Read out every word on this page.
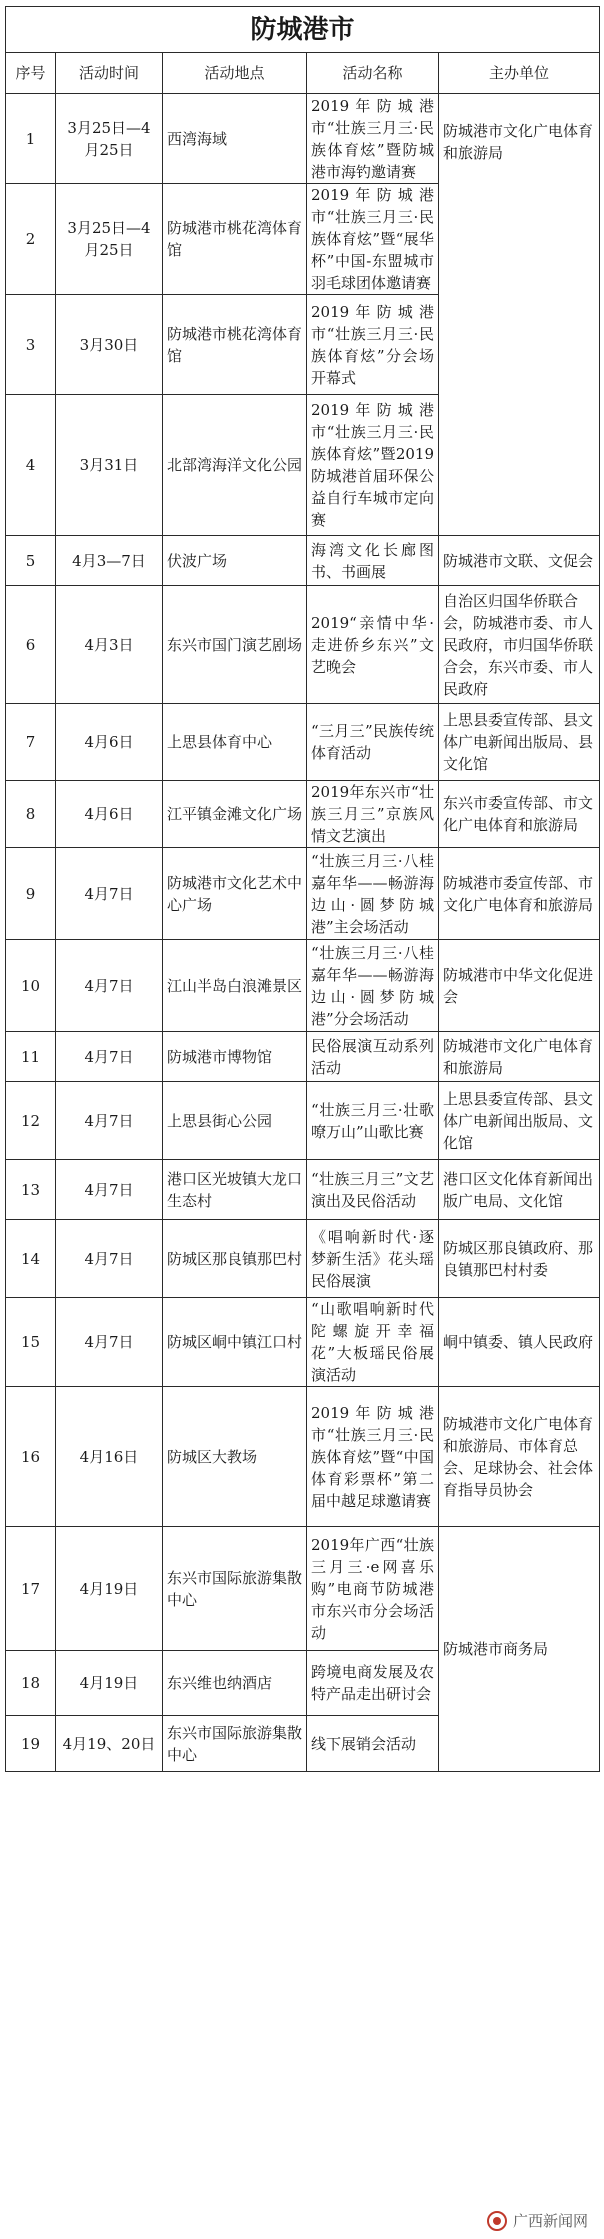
防城港市				
序号	活动时间	活动地点	活动名称	主办单位
1	3月25日—4月25日	西湾海域	2019年防城港市“壮族三月三·民族体育炫”暨防城港市海钓邀请赛	防城港市文化广电体育和旅游局
2	3月25日—4月25日	防城港市桃花湾体育馆	2019年防城港市“壮族三月三·民族体育炫”暨“展华杯”中国-东盟城市羽毛球团体邀请赛	
3	3月30日	防城港市桃花湾体育馆	2019年防城港市“壮族三月三·民族体育炫”分会场开幕式	
4	3月31日	北部湾海洋文化公园	2019年防城港市“壮族三月三·民族体育炫”暨2019防城港首届环保公益自行车城市定向赛	
5	4月3—7日	伏波广场	海湾文化长廊图书、书画展	防城港市文联、文促会
6	4月3日	东兴市国门演艺剧场	2019“亲情中华·走进侨乡东兴”文艺晚会	自治区归国华侨联合会，防城港市委、市人民政府，市归国华侨联合会，东兴市委、市人民政府
7	4月6日	上思县体育中心	“三月三”民族传统体育活动	上思县委宣传部、县文体广电新闻出版局、县文化馆
8	4月6日	江平镇金滩文化广场	2019年东兴市“壮族三月三”京族风情文艺演出	东兴市委宣传部、市文化广电体育和旅游局
9	4月7日	防城港市文化艺术中心广场	“壮族三月三·八桂嘉年华——畅游海边山·圆梦防城港”主会场活动	防城港市委宣传部、市文化广电体育和旅游局
10	4月7日	江山半岛白浪滩景区	“壮族三月三·八桂嘉年华——畅游海边山·圆梦防城港”分会场活动	防城港市中华文化促进会
11	4月7日	防城港市博物馆	民俗展演互动系列活动	防城港市文化广电体育和旅游局
12	4月7日	上思县街心公园	“壮族三月三·壮歌嘹万山”山歌比赛	上思县委宣传部、县文体广电新闻出版局、文化馆
13	4月7日	港口区光坡镇大龙口生态村	“壮族三月三”文艺演出及民俗活动	港口区文化体育新闻出版广电局、文化馆
14	4月7日	防城区那良镇那巴村	《唱响新时代·逐梦新生活》花头瑶民俗展演	防城区那良镇政府、那良镇那巴村村委
15	4月7日	防城区峒中镇江口村	“山歌唱响新时代 陀螺旋开幸福花”大板瑶民俗展演活动	峒中镇委、镇人民政府
16	4月16日	防城区大教场	2019年防城港市“壮族三月三·民族体育炫”暨“中国体育彩票杯”第二届中越足球邀请赛	防城港市文化广电体育和旅游局、市体育总会、足球协会、社会体育指导员协会
17	4月19日	东兴市国际旅游集散中心	2019年广西“壮族三月三·e网喜乐购”电商节防城港市东兴市分会场活动	防城港市商务局
18	4月19日	东兴维也纳酒店	跨境电商发展及农特产品走出研讨会	
19	4月19、20日	东兴市国际旅游集散中心	线下展销会活动	
广西新闻网
